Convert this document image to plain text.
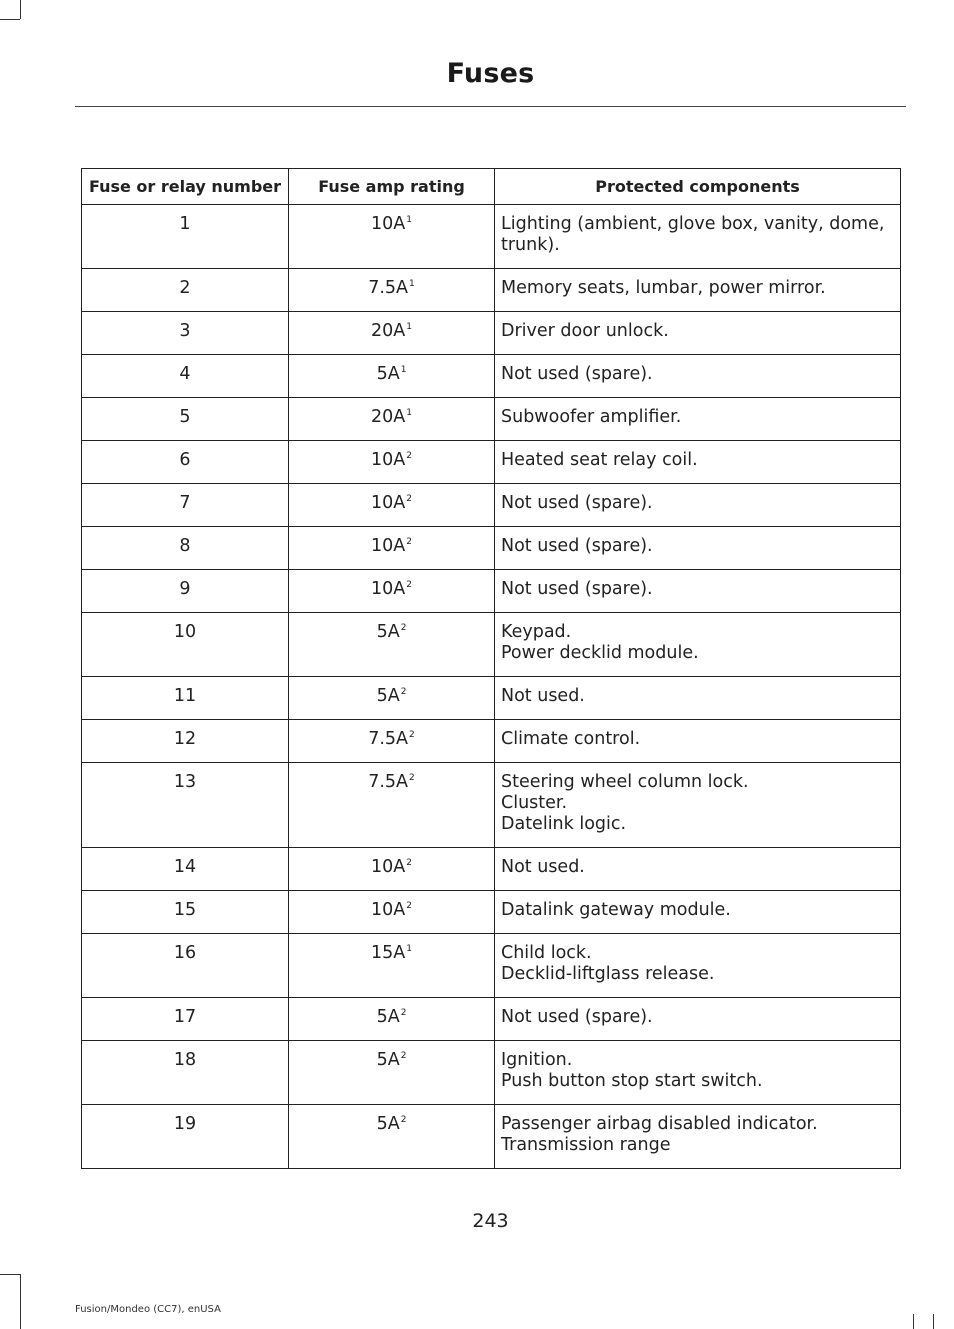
Fuses
Fuse or relay number	Fuse amp rating	Protected components
1	$10A^1$	Lighting (ambient, glove box, vanity, dome, trunk).

2	$7.5A^1$	Memory seats, lumbar, power mirror.

3	$20A^1$	Driver door unlock.

4	$5A^1$	Not used (spare).

5	$20A^1$	Subwoofer amplifier.

6	$10A^2$	Heated seat relay coil.

7	$10A^2$	Not used (spare).

8	$10A^2$	Not used (spare).

9	$10A^2$	Not used (spare).

10	$5A^2$	Keypad.
Power decklid module.

11	$5A^2$	Not used.

12	$7.5A^2$	Climate control.

13	$7.5A^2$	Steering wheel column lock.
Cluster.
Datelink logic.

14	$10A^2$	Not used.

15	$10A^2$	Datalink gateway module.

16	$15A^1$	Child lock.
Decklid-liftglass release.

17	$5A^2$	Not used (spare).

18	$5A^2$	Ignition.
Push button stop start switch.

19	$5A^2$	Passenger airbag disabled indicator.
Transmission range
243
Fusion/Mondeo (CC7), enUSA
